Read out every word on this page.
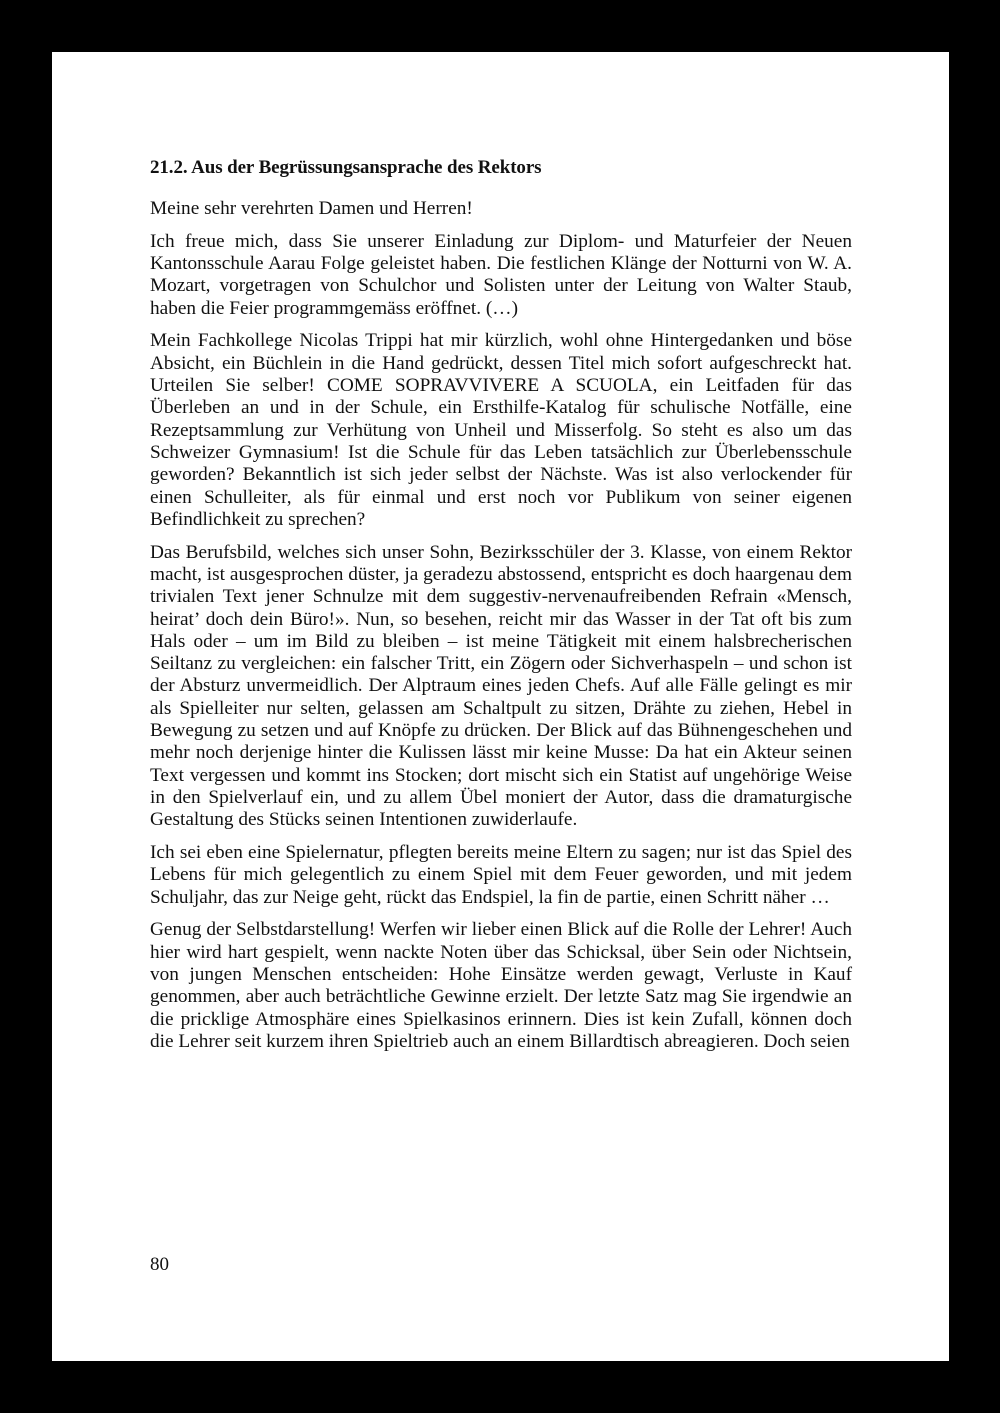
21.2. Aus der Begrüssungsansprache des Rektors

Meine sehr verehrten Damen und Herren!

Ich freue mich, dass Sie unserer Einladung zur Diplom- und Maturfeier der Neuen Kantonsschule Aarau Folge geleistet haben. Die festlichen Klänge der Notturni von W. A. Mozart, vorgetragen von Schulchor und Solisten unter der Leitung von Walter Staub, haben die Feier programmgemäss eröffnet. (…)

Mein Fachkollege Nicolas Trippi hat mir kürzlich, wohl ohne Hintergedanken und böse Absicht, ein Büchlein in die Hand gedrückt, dessen Titel mich sofort aufgeschreckt hat. Urteilen Sie selber! COME SOPRAVVIVERE A SCUOLA, ein Leitfaden für das Überleben an und in der Schule, ein Ersthilfe-Katalog für schulische Notfälle, eine Rezeptsammlung zur Verhütung von Unheil und Misserfolg. So steht es also um das Schweizer Gymnasium! Ist die Schule für das Leben tatsächlich zur Überlebensschule geworden? Bekanntlich ist sich jeder selbst der Nächste. Was ist also verlockender für einen Schulleiter, als für einmal und erst noch vor Publikum von seiner eigenen Befindlichkeit zu sprechen?

Das Berufsbild, welches sich unser Sohn, Bezirksschüler der 3. Klasse, von einem Rektor macht, ist ausgesprochen düster, ja geradezu abstossend, entspricht es doch haargenau dem trivialen Text jener Schnulze mit dem suggestiv-nervenaufreibenden Refrain «Mensch, heirat’ doch dein Büro!». Nun, so besehen, reicht mir das Wasser in der Tat oft bis zum Hals oder – um im Bild zu bleiben – ist meine Tätigkeit mit einem halsbrecherischen Seiltanz zu vergleichen: ein falscher Tritt, ein Zögern oder Sichverhaspeln – und schon ist der Absturz unvermeidlich. Der Alptraum eines jeden Chefs. Auf alle Fälle gelingt es mir als Spielleiter nur selten, gelassen am Schaltpult zu sitzen, Drähte zu ziehen, Hebel in Bewegung zu setzen und auf Knöpfe zu drücken. Der Blick auf das Bühnengeschehen und mehr noch derjenige hinter die Kulissen lässt mir keine Musse: Da hat ein Akteur seinen Text vergessen und kommt ins Stocken; dort mischt sich ein Statist auf ungehörige Weise in den Spielverlauf ein, und zu allem Übel moniert der Autor, dass die dramaturgische Gestaltung des Stücks seinen Intentionen zuwiderlaufe.

Ich sei eben eine Spielernatur, pflegten bereits meine Eltern zu sagen; nur ist das Spiel des Lebens für mich gelegentlich zu einem Spiel mit dem Feuer geworden, und mit jedem Schuljahr, das zur Neige geht, rückt das Endspiel, la fin de partie, einen Schritt näher …

Genug der Selbstdarstellung! Werfen wir lieber einen Blick auf die Rolle der Lehrer! Auch hier wird hart gespielt, wenn nackte Noten über das Schicksal, über Sein oder Nichtsein, von jungen Menschen entscheiden: Hohe Einsätze werden gewagt, Verluste in Kauf genommen, aber auch beträchtliche Gewinne erzielt. Der letzte Satz mag Sie irgendwie an die pricklige Atmosphäre eines Spielkasinos erinnern. Dies ist kein Zufall, können doch die Lehrer seit kurzem ihren Spieltrieb auch an einem Billardtisch abreagieren. Doch seien

80
